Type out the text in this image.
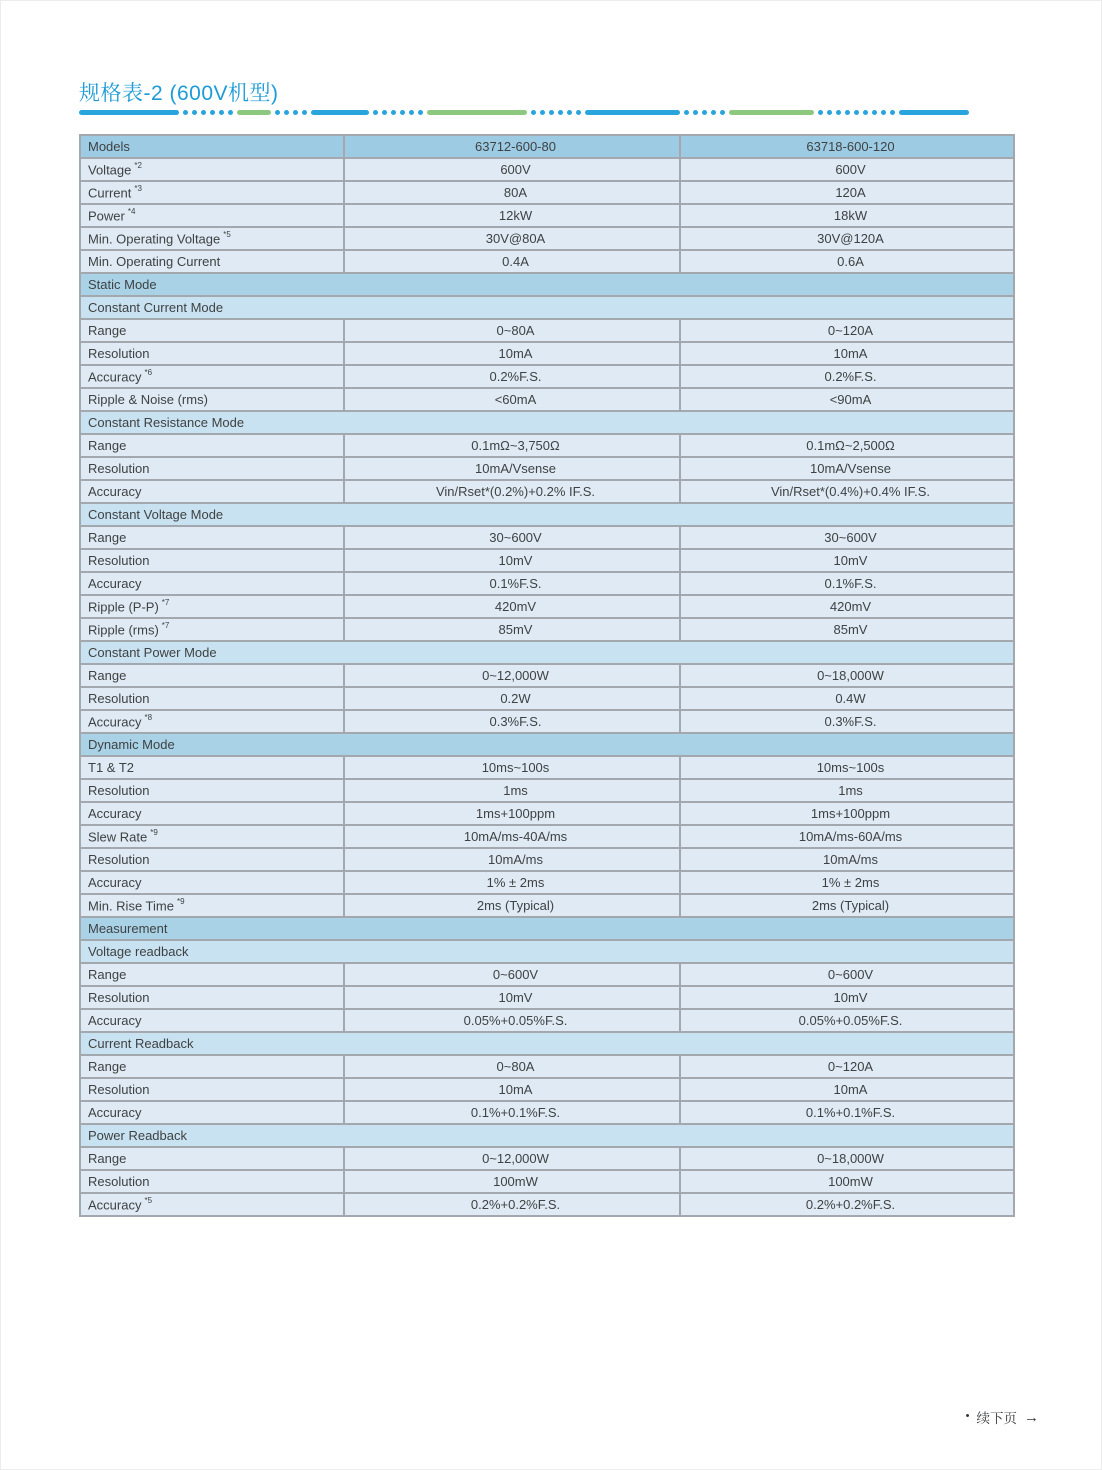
规格表-2 (600V机型)
Models	63712-600-80	63718-600-120
Voltage $^{*2}$	600V	600V
Current $^{*3}$	80A	120A
Power $^{*4}$	12kW	18kW
Min. Operating Voltage $^{*5}$	30V@80A	30V@120A
Min. Operating Current	0.4A	0.6A
Static Mode		
Constant Current Mode		
Range	0~80A	0~120A
Resolution	10mA	10mA
Accuracy $^{*6}$	0.2%F.S.	0.2%F.S.
Ripple & Noise (rms)	<60mA	<90mA
Constant Resistance Mode		
Range	0.1mΩ~3,750Ω	0.1mΩ~2,500Ω
Resolution	10mA/Vsense	10mA/Vsense
Accuracy	Vin/Rset*(0.2%)+0.2% IF.S.	Vin/Rset*(0.4%)+0.4% IF.S.
Constant Voltage Mode		
Range	30~600V	30~600V
Resolution	10mV	10mV
Accuracy	0.1%F.S.	0.1%F.S.
Ripple (P-P) $^{*7}$	420mV	420mV
Ripple (rms) $^{*7}$	85mV	85mV
Constant Power Mode		
Range	0~12,000W	0~18,000W
Resolution	0.2W	0.4W
Accuracy $^{*8}$	0.3%F.S.	0.3%F.S.
Dynamic Mode		
T1 & T2	10ms~100s	10ms~100s
Resolution	1ms	1ms
Accuracy	1ms+100ppm	1ms+100ppm
Slew Rate $^{*9}$	10mA/ms-40A/ms	10mA/ms-60A/ms
Resolution	10mA/ms	10mA/ms
Accuracy	1% ± 2ms	1% ± 2ms
Min. Rise Time $^{*9}$	2ms (Typical)	2ms (Typical)
Measurement		
Voltage readback		
Range	0~600V	0~600V
Resolution	10mV	10mV
Accuracy	0.05%+0.05%F.S.	0.05%+0.05%F.S.
Current Readback		
Range	0~80A	0~120A
Resolution	10mA	10mA
Accuracy	0.1%+0.1%F.S.	0.1%+0.1%F.S.
Power Readback		
Range	0~12,000W	0~18,000W
Resolution	100mW	100mW
Accuracy $^{*5}$	0.2%+0.2%F.S.	0.2%+0.2%F.S.
• 续下页 →
